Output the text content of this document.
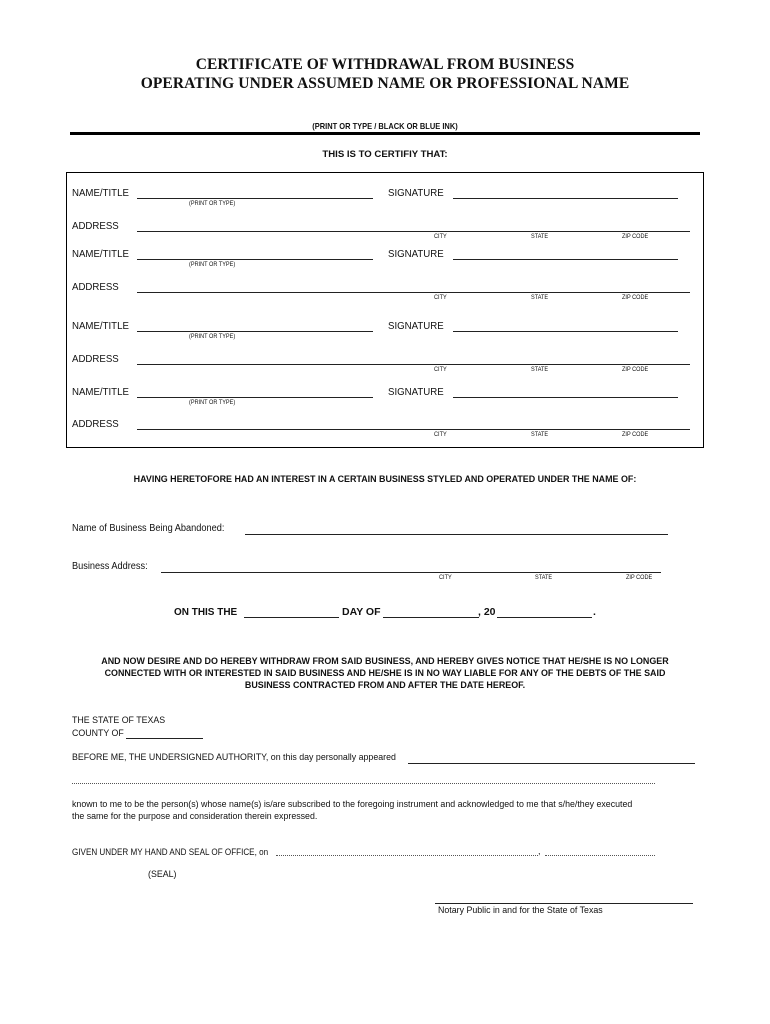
CERTIFICATE OF WITHDRAWAL FROM BUSINESS
OPERATING UNDER ASSUMED NAME OR PROFESSIONAL NAME
(PRINT OR TYPE / BLACK OR BLUE INK)
THIS IS TO CERTIFIY THAT:
NAME/TITLE
(PRINT OR TYPE)
SIGNATURE
ADDRESS
CITY	STATE	ZIP CODE
NAME/TITLE
(PRINT OR TYPE)
SIGNATURE
ADDRESS
CITY	STATE	ZIP CODE
NAME/TITLE
(PRINT OR TYPE)
SIGNATURE
ADDRESS
CITY	STATE	ZIP CODE
NAME/TITLE
(PRINT OR TYPE)
SIGNATURE
ADDRESS
CITY	STATE	ZIP CODE
HAVING HERETOFORE HAD AN INTEREST IN A CERTAIN BUSINESS STYLED AND OPERATED UNDER THE NAME OF:
Name of Business Being Abandoned:
Business Address:
CITY	STATE	ZIP CODE
ON THIS THE	DAY OF	, 20	.
AND NOW DESIRE AND DO HEREBY WITHDRAW FROM SAID BUSINESS, AND HEREBY GIVES NOTICE THAT HE/SHE IS NO LONGER
CONNECTED WITH OR INTERESTED IN SAID BUSINESS AND HE/SHE IS IN NO WAY LIABLE FOR ANY OF THE DEBTS OF THE SAID
BUSINESS CONTRACTED FROM AND AFTER THE DATE HEREOF.
THE STATE OF TEXAS
COUNTY OF
BEFORE ME, THE UNDERSIGNED AUTHORITY, on this day personally appeared
known to me to be the person(s) whose name(s) is/are subscribed to the foregoing instrument and acknowledged to me that s/he/they executed
the same for the purpose and consideration therein expressed.
GIVEN UNDER MY HAND AND SEAL OF OFFICE, on	,
(SEAL)
Notary Public in and for the State of Texas
